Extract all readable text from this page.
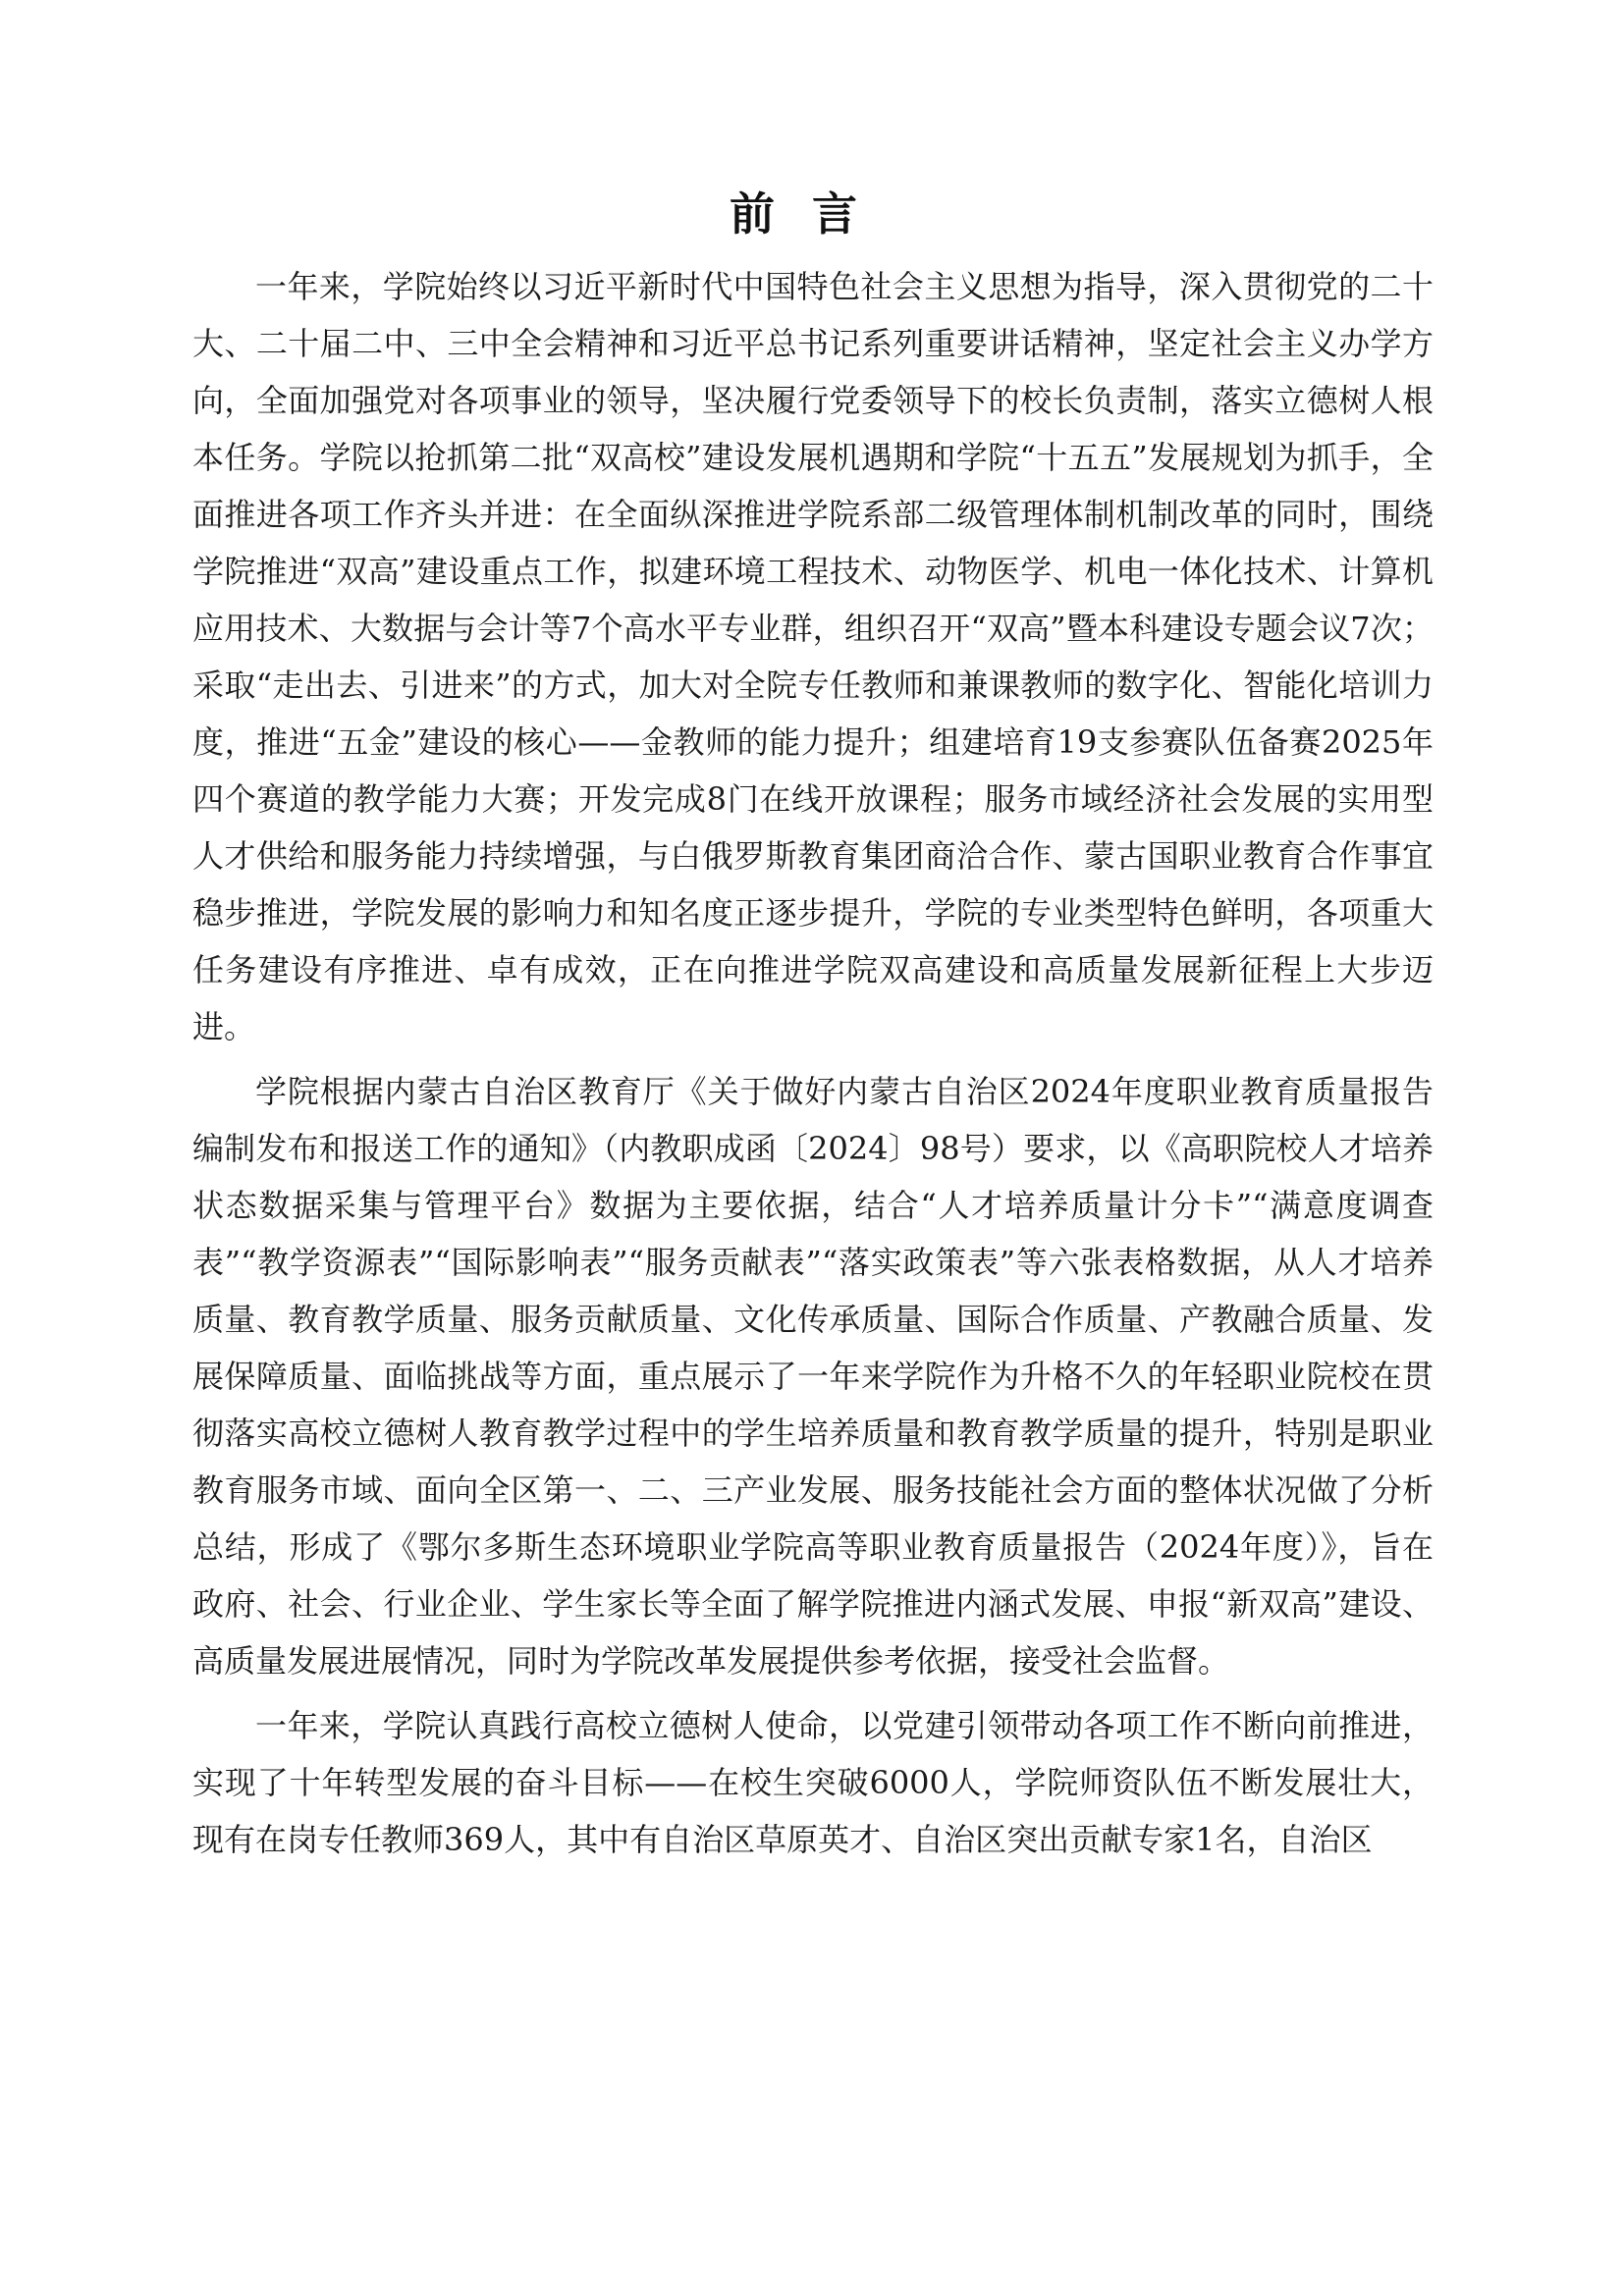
前言

一年来，学院始终以习近平新时代中国特色社会主义思想为指导，深入贯彻党的二十大、二十届二中、三中全会精神和习近平总书记系列重要讲话精神，坚定社会主义办学方向，全面加强党对各项事业的领导，坚决履行党委领导下的校长负责制，落实立德树人根本任务。学院以抢抓第二批“双高校”建设发展机遇期和学院“十五五”发展规划为抓手，全面推进各项工作齐头并进：在全面纵深推进学院系部二级管理体制机制改革的同时，围绕学院推进“双高”建设重点工作，拟建环境工程技术、动物医学、机电一体化技术、计算机应用技术、大数据与会计等7个高水平专业群，组织召开“双高”暨本科建设专题会议7次；采取“走出去、引进来”的方式，加大对全院专任教师和兼课教师的数字化、智能化培训力度，推进“五金”建设的核心——金教师的能力提升；组建培育19支参赛队伍备赛2025年四个赛道的教学能力大赛；开发完成8门在线开放课程；服务市域经济社会发展的实用型人才供给和服务能力持续增强，与白俄罗斯教育集团商洽合作、蒙古国职业教育合作事宜稳步推进，学院发展的影响力和知名度正逐步提升，学院的专业类型特色鲜明，各项重大任务建设有序推进、卓有成效，正在向推进学院双高建设和高质量发展新征程上大步迈进。

学院根据内蒙古自治区教育厅《关于做好内蒙古自治区2024年度职业教育质量报告编制发布和报送工作的通知》（内教职成函〔2024〕98号）要求，以《高职院校人才培养状态数据采集与管理平台》数据为主要依据，结合“人才培养质量计分卡”“满意度调查表”“教学资源表”“国际影响表”“服务贡献表”“落实政策表”等六张表格数据，从人才培养质量、教育教学质量、服务贡献质量、文化传承质量、国际合作质量、产教融合质量、发展保障质量、面临挑战等方面，重点展示了一年来学院作为升格不久的年轻职业院校在贯彻落实高校立德树人教育教学过程中的学生培养质量和教育教学质量的提升，特别是职业教育服务市域、面向全区第一、二、三产业发展、服务技能社会方面的整体状况做了分析总结，形成了《鄂尔多斯生态环境职业学院高等职业教育质量报告（2024年度）》，旨在政府、社会、行业企业、学生家长等全面了解学院推进内涵式发展、申报“新双高”建设、高质量发展进展情况，同时为学院改革发展提供参考依据，接受社会监督。

一年来，学院认真践行高校立德树人使命，以党建引领带动各项工作不断向前推进，实现了十年转型发展的奋斗目标——在校生突破6000人，学院师资队伍不断发展壮大，现有在岗专任教师369人，其中有自治区草原英才、自治区突出贡献专家1名，自治区
